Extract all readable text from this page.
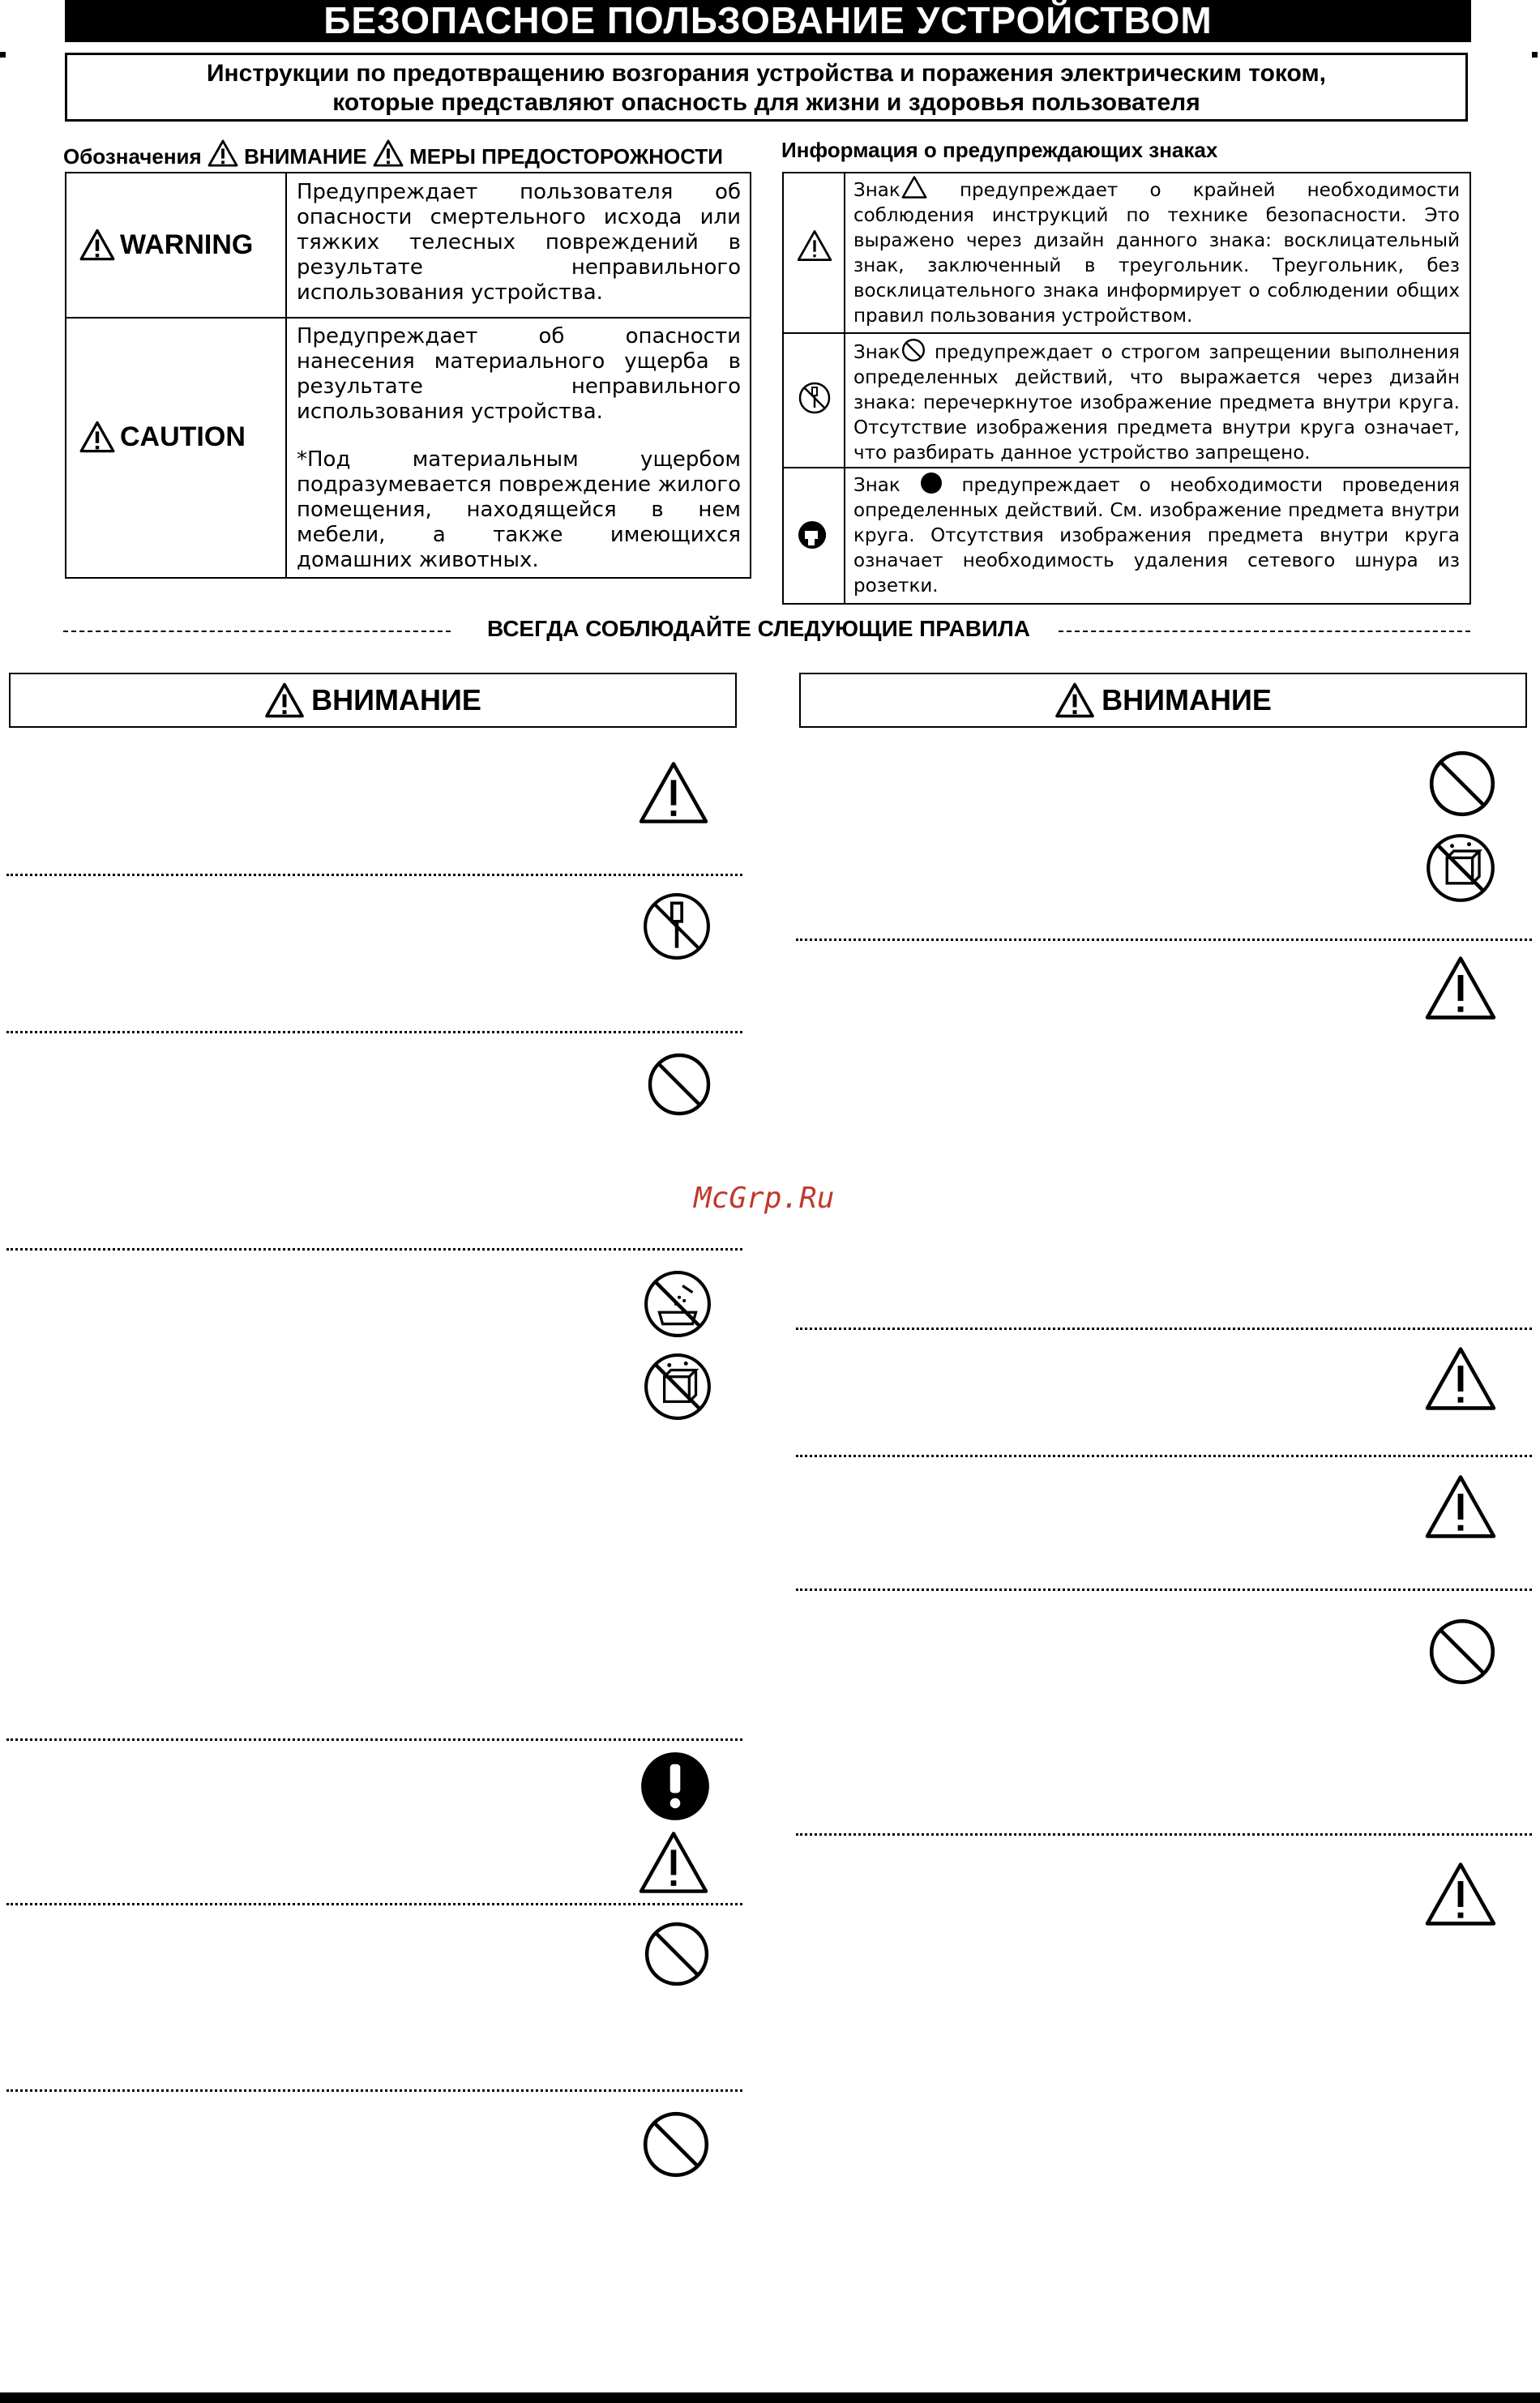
БЕЗОПАСНОЕ ПОЛЬЗОВАНИЕ УСТРОЙСТВОМ
Инструкции по предотвращению возгорания устройства и поражения электрическим током,
которые представляют опасность для жизни и здоровья пользователя
Обозначения ВНИМАНИЕ МЕРЫ ПРЕДОСТОРОЖНОСТИ
WARNING
Предупреждает пользователя об опасности смертельного исхода или тяжких телесных повреждений в результате неправильного использования устройства.
CAUTION
Предупреждает об опасности нанесения материального ущерба в результате неправильного использования устройства.
*Под материальным ущербом подразумевается повреждение жилого помещения, находящейся в нем мебели, а также имеющихся домашних животных.
Информация о предупреждающих знаках
Знак	предупреждает о крайней необходимости соблюдения инструкций по технике безопасности. Это выражено через дизайн данного знака: восклицательный знак, заключенный в треугольник. Треугольник, без восклицательного знака информирует о соблюдении общих правил пользования устройством.
Знак предупреждает о строгом запрещении выполнения определенных действий, что выражается через дизайн знака: перечеркнутое изображение предмета внутри круга. Отсутствие изображения предмета внутри круга означает, что разбирать данное устройство запрещено.
Знак	предупреждает о необходимости проведения определенных действий. См. изображение предмета внутри круга. Отсутствия изображения предмета внутри круга означает необходимость удаления сетевого шнура из розетки.
ВСЕГДА СОБЛЮДАЙТЕ СЛЕДУЮЩИЕ ПРАВИЛА
ВНИМАНИЕ	ВНИМАНИЕ
McGrp.Ru
